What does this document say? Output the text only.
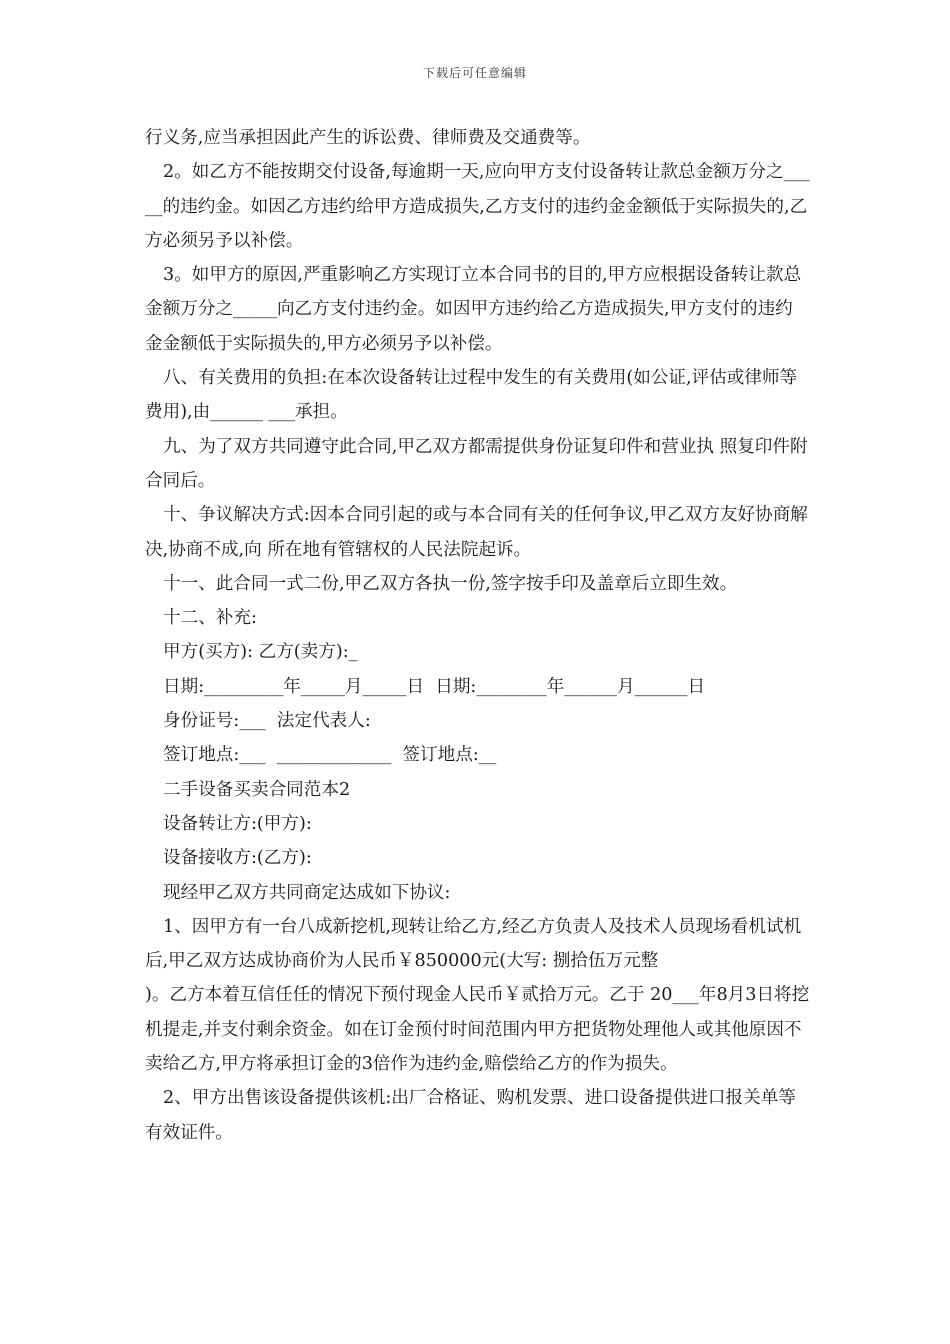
下载后可任意编辑

行义务,应当承担因此产生的诉讼费、律师费及交通费等。

2。如乙方不能按期交付设备,每逾期一天,应向甲方支付设备转让款总金额万分之_____的违约金。如因乙方违约给甲方造成损失,乙方支付的违约金金额低于实际损失的,乙方必须另予以补偿。

3。如甲方的原因,严重影响乙方实现订立本合同书的目的,甲方应根据设备转让款总金额万分之_____向乙方支付违约金。如因甲方违约给乙方造成损失,甲方支付的违约金金额低于实际损失的,甲方必须另予以补偿。

八、有关费用的负担:在本次设备转让过程中发生的有关费用(如公证,评估或律师等费用),由______ ___承担。

九、为了双方共同遵守此合同,甲乙双方都需提供身份证复印件和营业执 照复印件附合同后。

十、争议解决方式:因本合同引起的或与本合同有关的任何争议,甲乙双方友好协商解决,协商不成,向 所在地有管辖权的人民法院起诉。

十一、此合同一式二份,甲乙双方各执一份,签字按手印及盖章后立即生效。

十二、补充:

甲方(买方): 乙方(卖方):_

日期:_________年_____月_____日  日期:________年______月______日

身份证号:___  法定代表人:

签订地点:___  _____________  签订地点:__

二手设备买卖合同范本2

设备转让方:(甲方):

设备接收方:(乙方):

现经甲乙双方共同商定达成如下协议:

1、因甲方有一台八成新挖机,现转让给乙方,经乙方负责人及技术人员现场看机试机后,甲乙双方达成协商价为人民币￥850000元(大写: 捌拾伍万元整

)。乙方本着互信任任的情况下预付现金人民币￥贰拾万元。乙于 20___年8月3日将挖机提走,并支付剩余资金。如在订金预付时间范围内甲方把货物处理他人或其他原因不卖给乙方,甲方将承担订金的3倍作为违约金,赔偿给乙方的作为损失。

2、甲方出售该设备提供该机:出厂合格证、购机发票、进口设备提供进口报关单等有效证件。
